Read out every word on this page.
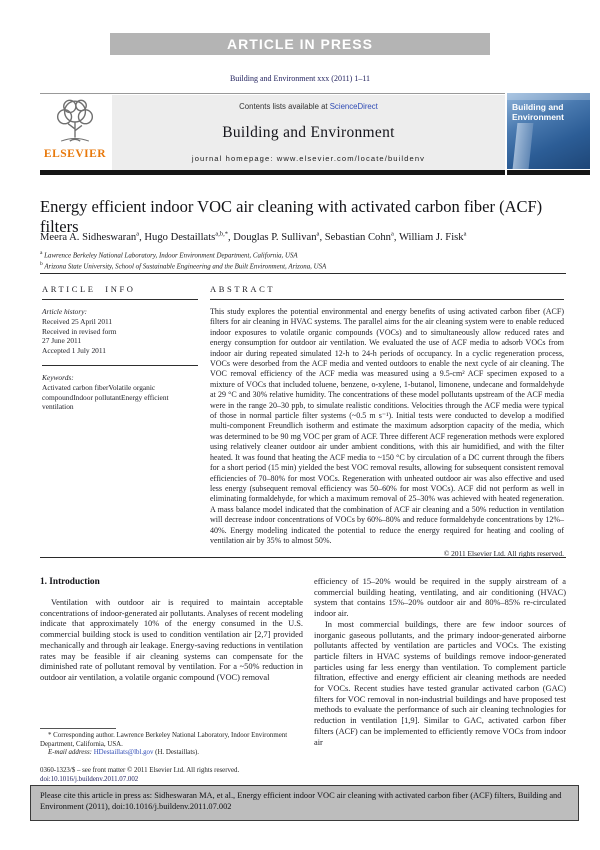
ARTICLE IN PRESS
Building and Environment xxx (2011) 1–11
ELSEVIER
Contents lists available at ScienceDirect
Building and Environment
journal homepage: www.elsevier.com/locate/buildenv
Building and Environment
Energy efficient indoor VOC air cleaning with activated carbon fiber (ACF) filters
Meera A. Sidheswaran$^a$, Hugo Destaillats$^{a,b,*}$, Douglas P. Sullivan$^a$, Sebastian Cohn$^a$, William J. Fisk$^a$
$^a$ Lawrence Berkeley National Laboratory, Indoor Environment Department, California, USA
$^b$ Arizona State University, School of Sustainable Engineering and the Built Environment, Arizona, USA
ARTICLE INFO
Article history:
Received 25 April 2011
Received in revised form
27 June 2011
Accepted 1 July 2011
Keywords:
Activated carbon fiberVolatile organic compoundIndoor pollutantEnergy efficient ventilation
ABSTRACT
This study explores the potential environmental and energy benefits of using activated carbon fiber (ACF) filters for air cleaning in HVAC systems. The parallel aims for the air cleaning system were to enable reduced indoor exposures to volatile organic compounds (VOCs) and to simultaneously allow reduced rates and energy consumption for outdoor air ventilation. We evaluated the use of ACF media to adsorb VOCs from indoor air during repeated simulated 12-h to 24-h periods of occupancy. In a cyclic regeneration process, VOCs were desorbed from the ACF media and vented outdoors to enable the next cycle of air cleaning. The VOC removal efficiency of the ACF media was measured using a 9.5-cm² ACF specimen exposed to a mixture of VOCs that included toluene, benzene, o-xylene, 1-butanol, limonene, undecane and formaldehyde at 29 °C and 30% relative humidity. The concentrations of these model pollutants upstream of the ACF media were in the range 20–30 ppb, to simulate realistic conditions. Velocities through the ACF media were typical of those in normal particle filter systems (~0.5 m s⁻¹). Initial tests were conducted to develop a modified multi-component Freundlich isotherm and estimate the maximum adsorption capacity of the media, which was determined to be 90 mg VOC per gram of ACF. Three different ACF regeneration methods were explored using relatively cleaner outdoor air under ambient conditions, with this air humidified, and with the filter heated. It was found that heating the ACF media to ~150 °C by circulation of a DC current through the fibers for a short period (15 min) yielded the best VOC removal results, allowing for subsequent consistent removal efficiencies of 70–80% for most VOCs. Regeneration with unheated outdoor air was also effective and used less energy (subsequent removal efficiency was 50–60% for most VOCs). ACF did not perform as well in eliminating formaldehyde, for which a maximum removal of 25–30% was achieved with heated regeneration. A mass balance model indicated that the combination of ACF air cleaning and a 50% reduction in ventilation will decrease indoor concentrations of VOCs by 60%–80% and reduce formaldehyde concentrations by 12%–40%. Energy modeling indicated the potential to reduce the energy required for heating and cooling of ventilation air by 35% to almost 50%.
© 2011 Elsevier Ltd. All rights reserved.
1. Introduction
Ventilation with outdoor air is required to maintain acceptable concentrations of indoor-generated air pollutants. Analyses of recent modeling indicate that approximately 10% of the energy consumed in the U.S. commercial building stock is used to condition ventilation air [2,7] provided mechanically and through air leakage. Energy-saving reductions in ventilation rates may be feasible if air cleaning systems can compensate for the diminished rate of pollutant removal by ventilation. For a ~50% reduction in outdoor air ventilation, a volatile organic compound (VOC) removal
efficiency of 15–20% would be required in the supply airstream of a commercial building heating, ventilating, and air conditioning (HVAC) system that contains 15%–20% outdoor air and 80%–85% re-circulated indoor air.
In most commercial buildings, there are few indoor sources of inorganic gaseous pollutants, and the primary indoor-generated airborne pollutants affected by ventilation are particles and VOCs. The existing particle filters in HVAC systems of buildings remove indoor-generated particles using far less energy than ventilation. To complement particle filtration, effective and energy efficient air cleaning methods are needed for VOCs. Recent studies have tested granular activated carbon (GAC) filters for VOC removal in non-industrial buildings and have proposed test methods to evaluate the performance of such air cleaning technologies for reduction in ventilation [1,9]. Similar to GAC, activated carbon fiber filters (ACF) can be implemented to efficiently remove VOCs from indoor air
* Corresponding author. Lawrence Berkeley National Laboratory, Indoor Environment Department, California, USA.
E-mail address: HDestaillats@lbl.gov (H. Destaillats).
0360-1323/$ – see front matter © 2011 Elsevier Ltd. All rights reserved.
doi:10.1016/j.buildenv.2011.07.002
Please cite this article in press as: Sidheswaran MA, et al., Energy efficient indoor VOC air cleaning with activated carbon fiber (ACF) filters, Building and Environment (2011), doi:10.1016/j.buildenv.2011.07.002
